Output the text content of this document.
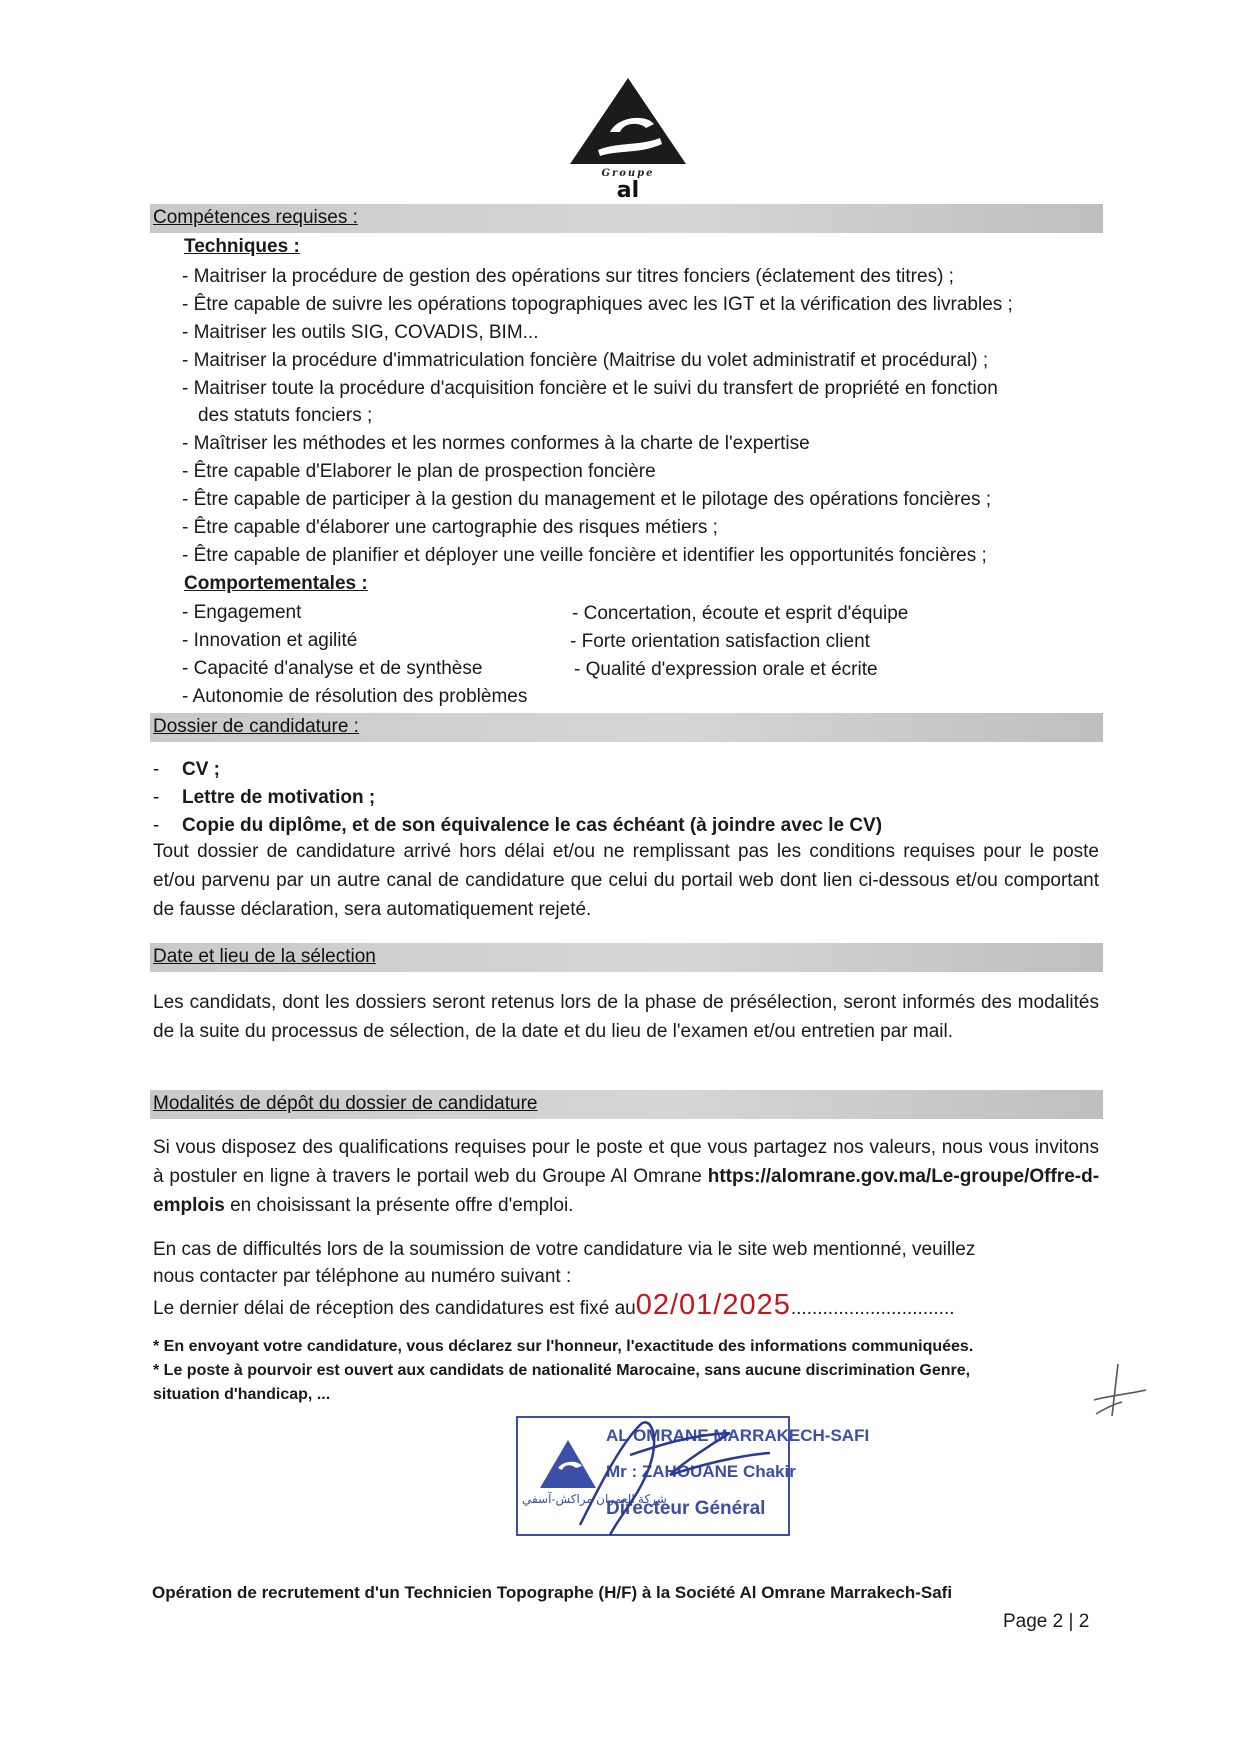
Groupe
al
Compétences requises :
Techniques :
- Maitriser la procédure de gestion des opérations sur titres fonciers (éclatement des titres) ;
- Être capable de suivre les opérations topographiques avec les IGT et la vérification des livrables ;
- Maitriser les outils SIG, COVADIS, BIM...
- Maitriser la procédure d'immatriculation foncière (Maitrise du volet administratif et procédural) ;
- Maitriser toute la procédure d'acquisition foncière et le suivi du transfert de propriété en fonction
des statuts fonciers ;
- Maîtriser les méthodes et les normes conformes à la charte de l'expertise
- Être capable d'Elaborer le plan de prospection foncière
- Être capable de participer à la gestion du management et le pilotage des opérations foncières ;
- Être capable d'élaborer une cartographie des risques métiers ;
- Être capable de planifier et déployer une veille foncière et identifier les opportunités foncières ;
Comportementales :
- Engagement
- Innovation et agilité
- Capacité d'analyse et de synthèse
- Autonomie de résolution des problèmes
- Concertation, écoute et esprit d'équipe
- Forte orientation satisfaction client
- Qualité d'expression orale et écrite
Dossier de candidature :
- CV ;
- Lettre de motivation ;
- Copie du diplôme, et de son équivalence le cas échéant (à joindre avec le CV)
Tout dossier de candidature arrivé hors délai et/ou ne remplissant pas les conditions requises pour le poste et/ou parvenu par un autre canal de candidature que celui du portail web dont lien ci-dessous et/ou comportant de fausse déclaration, sera automatiquement rejeté.
Date et lieu de la sélection
Les candidats, dont les dossiers seront retenus lors de la phase de présélection, seront informés des modalités de la suite du processus de sélection, de la date et du lieu de l'examen et/ou entretien par mail.
Modalités de dépôt du dossier de candidature
Si vous disposez des qualifications requises pour le poste et que vous partagez nos valeurs, nous vous invitons à postuler en ligne à travers le portail web du Groupe Al Omrane https://alomrane.gov.ma/Le-groupe/Offre-d-emplois en choisissant la présente offre d'emploi.
En cas de difficultés lors de la soumission de votre candidature via le site web mentionné, veuillez
nous contacter par téléphone au numéro suivant :
Le dernier délai de réception des candidatures est fixé au02/01/2025...............................
* En envoyant votre candidature, vous déclarez sur l'honneur, l'exactitude des informations communiquées.
* Le poste à pourvoir est ouvert aux candidats de nationalité Marocaine, sans aucune discrimination Genre,
situation d'handicap, ...
شركة العمران مراكش-آسفي
AL OMRANE MARRAKECH-SAFI
Mr : ZAHOUANE Chakir
Directeur Général
Opération de recrutement d'un Technicien Topographe (H/F) à la Société Al Omrane Marrakech-Safi
Page 2 | 2
